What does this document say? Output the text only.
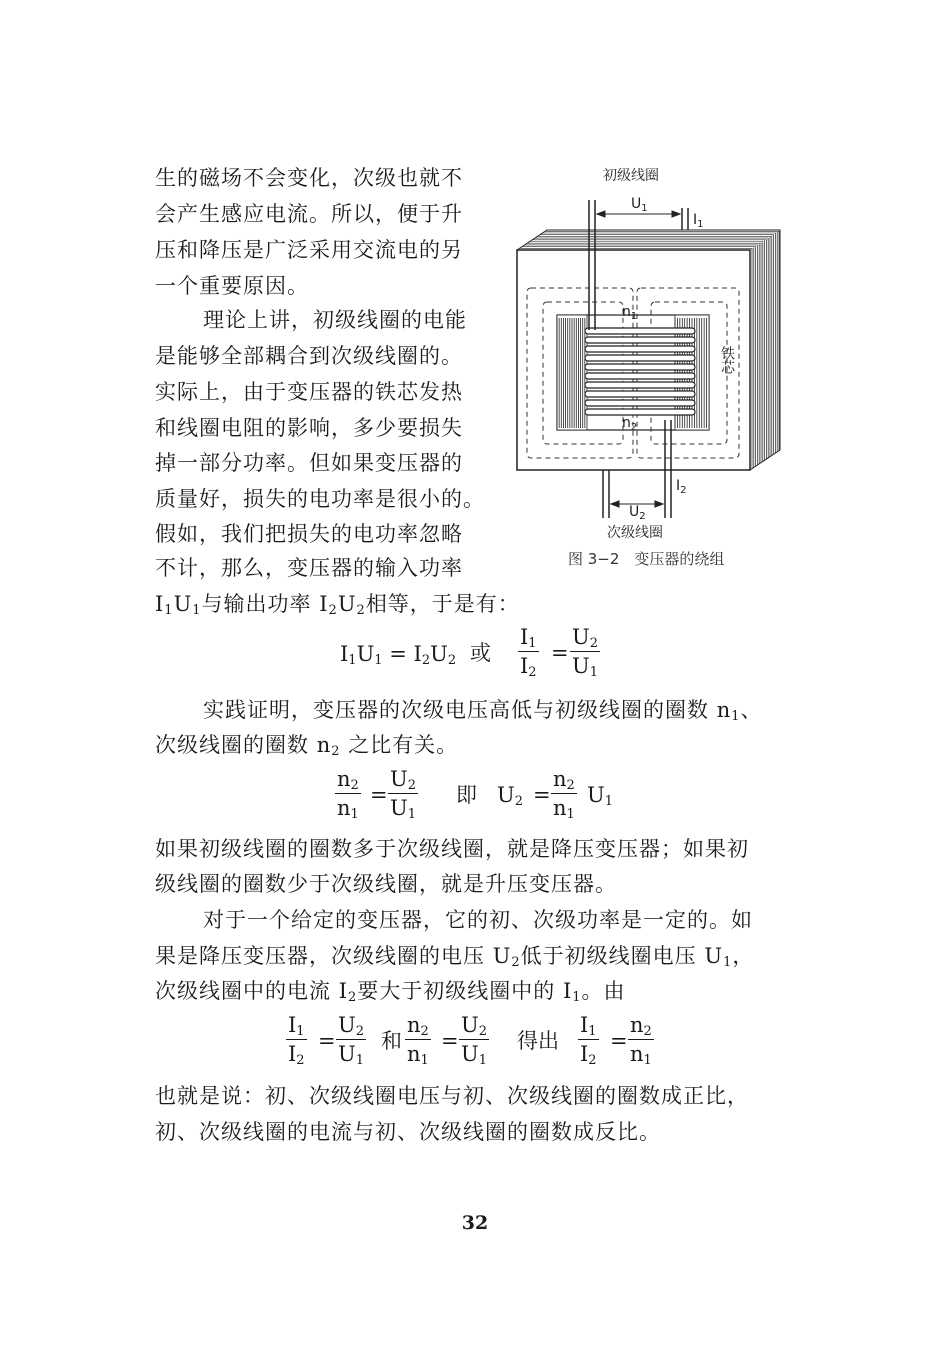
生的磁场不会变化，次级也就不
会产生感应电流。所以，便于升
压和降压是广泛采用交流电的另
一个重要原因。
理论上讲，初级线圈的电能
是能够全部耦合到次级线圈的。
实际上，由于变压器的铁芯发热
和线圈电阻的影响，多少要损失
掉一部分功率。但如果变压器的
质量好，损失的电功率是很小的。
假如，我们把损失的电功率忽略
不计，那么，变压器的输入功率
$I_1U_1$与输出功率 $I_2U_2$相等，于是有：
$I_1U_1 = I_2U_2$ 或 $\frac{I_1}{I_2} = \frac{U_2}{U_1}$
实践证明，变压器的次级电压高低与初级线圈的圈数 $n_1$、
次级线圈的圈数 $n_2$ 之比有关。
$\frac{n_2}{n_1} = \frac{U_2}{U_1}$ 即 $U_2 = \frac{n_2}{n_1} U_1$
如果初级线圈的圈数多于次级线圈，就是降压变压器；如果初
级线圈的圈数少于次级线圈，就是升压变压器。
对于一个给定的变压器，它的初、次级功率是一定的。如
果是降压变压器，次级线圈的电压 $U_2$低于初级线圈电压 $U_1$，
次级线圈中的电流 $I_2$要大于初级线圈中的 $I_1$。由
$\frac{I_1}{I_2} = \frac{U_2}{U_1}$ 和 $\frac{n_2}{n_1} = \frac{U_2}{U_1}$ 得出 $\frac{I_1}{I_2} = \frac{n_2}{n_1}$
也就是说：初、次级线圈电压与初、次级线圈的圈数成正比，
初、次级线圈的电流与初、次级线圈的圈数成反比。
初级线圈
$U_1$
$I_1$
$n_1$
$n_2$
铁芯
$I_2$
$U_2$
次级线圈
图 3−2　变压器的绕组
32
